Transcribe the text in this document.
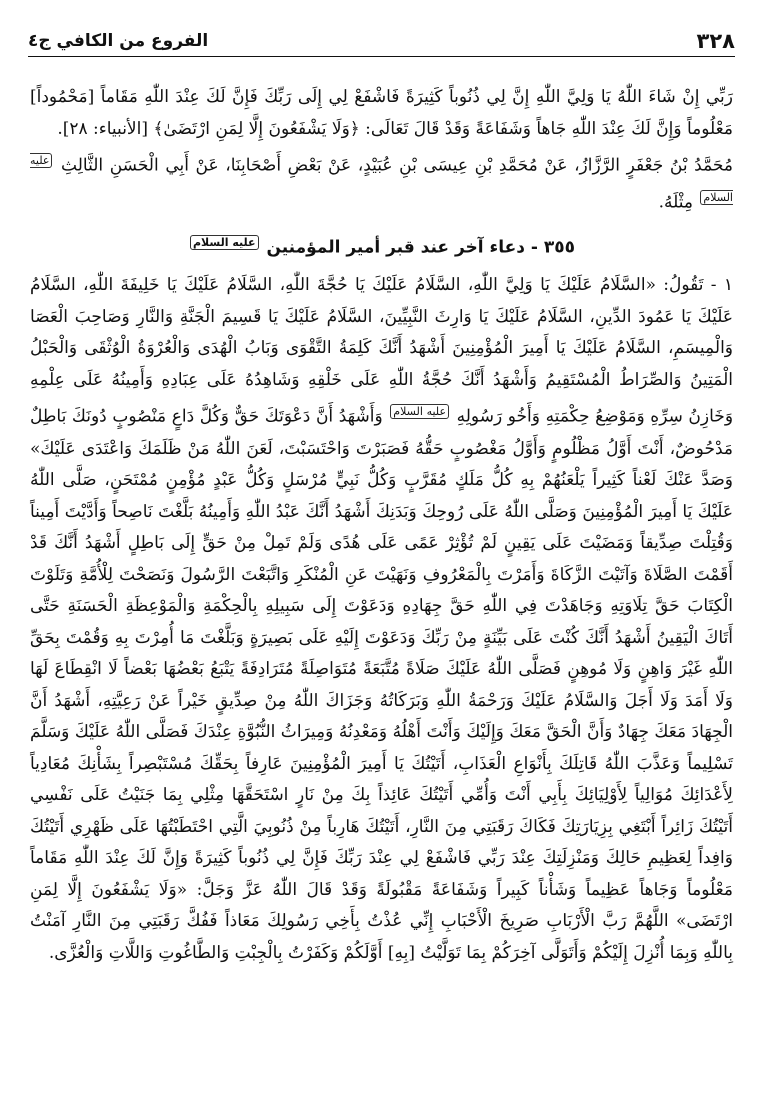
٣٢٨
الفروع من الكافي ج٤

رَبِّي إِنْ شَاءَ اللّٰهُ يَا وَلِيَّ اللّٰهِ إِنَّ لِي ذُنُوباً كَثِيرَةً فَاشْفَعْ لِي إِلَى رَبِّكَ فَإِنَّ لَكَ عِنْدَ اللّٰهِ مَقَاماً [مَحْمُوداً] مَعْلُوماً وَإِنَّ لَكَ عِنْدَ اللّٰهِ جَاهاً وَشَفَاعَةً وَقَدْ قَالَ تَعَالَى: ﴿وَلَا يَشْفَعُونَ إِلَّا لِمَنِ ارْتَضَىٰ﴾ [الأنبياء: ٢٨].

مُحَمَّدُ بْنُ جَعْفَرٍ الرَّزَّازُ، عَنْ مُحَمَّدِ بْنِ عِيسَى بْنِ عُبَيْدٍ، عَنْ بَعْضِ أَصْحَابِنَا، عَنْ أَبِي الْحَسَنِ الثَّالِثِ $^{عليه السلام}$ مِثْلَهُ.

٣٥٥ - دعاء آخر عند قبر أمير المؤمنين $^{عليه السلام}$

١ - تَقُولُ: «السَّلَامُ عَلَيْكَ يَا وَلِيَّ اللّٰهِ، السَّلَامُ عَلَيْكَ يَا حُجَّةَ اللّٰهِ، السَّلَامُ عَلَيْكَ يَا خَلِيفَةَ اللّٰهِ، السَّلَامُ عَلَيْكَ يَا عَمُودَ الدِّينِ، السَّلَامُ عَلَيْكَ يَا وَارِثَ النَّبِيِّينَ، السَّلَامُ عَلَيْكَ يَا قَسِيمَ الْجَنَّةِ وَالنَّارِ وَصَاحِبَ الْعَصَا وَالْمِيسَمِ، السَّلَامُ عَلَيْكَ يَا أَمِيرَ الْمُؤْمِنِينَ أَشْهَدُ أَنَّكَ كَلِمَةُ التَّقْوَى وَبَابُ الْهُدَى وَالْعُرْوَةُ الْوُثْقَى وَالْحَبْلُ الْمَتِينُ وَالصِّرَاطُ الْمُسْتَقِيمُ وَأَشْهَدُ أَنَّكَ حُجَّةُ اللّٰهِ عَلَى خَلْقِهِ وَشَاهِدُهُ عَلَى عِبَادِهِ وَأَمِينُهُ عَلَى عِلْمِهِ وَخَازِنُ سِرِّهِ وَمَوْضِعُ حِكْمَتِهِ وَأَخُو رَسُولِهِ $^{عليه السلام}$ وَأَشْهَدُ أَنَّ دَعْوَتَكَ حَقٌّ وَكُلَّ دَاعٍ مَنْصُوبٍ دُونَكَ بَاطِلٌ مَدْحُوضٌ، أَنْتَ أَوَّلُ مَظْلُومٍ وَأَوَّلُ مَغْصُوبٍ حَقُّهُ فَصَبَرْتَ وَاحْتَسَبْتَ، لَعَنَ اللّٰهُ مَنْ ظَلَمَكَ وَاعْتَدَى عَلَيْكَ» وَصَدَّ عَنْكَ لَعْناً كَثِيراً يَلْعَنُهُمْ بِهِ كُلُّ مَلَكٍ مُقَرَّبٍ وَكُلُّ نَبِيٍّ مُرْسَلٍ وَكُلُّ عَبْدٍ مُؤْمِنٍ مُمْتَحَنٍ، صَلَّى اللّٰهُ عَلَيْكَ يَا أَمِيرَ الْمُؤْمِنِينَ وَصَلَّى اللّٰهُ عَلَى رُوحِكَ وَبَدَنِكَ أَشْهَدُ أَنَّكَ عَبْدُ اللّٰهِ وَأَمِينُهُ بَلَّغْتَ نَاصِحاً وَأَدَّيْتَ أَمِيناً وَقُتِلْتَ صِدِّيقاً وَمَضَيْتَ عَلَى يَقِينٍ لَمْ تُؤْثِرْ عَمًى عَلَى هُدًى وَلَمْ تَمِلْ مِنْ حَقٍّ إِلَى بَاطِلٍ أَشْهَدُ أَنَّكَ قَدْ أَقَمْتَ الصَّلَاةَ وَآتَيْتَ الزَّكَاةَ وَأَمَرْتَ بِالْمَعْرُوفِ وَنَهَيْتَ عَنِ الْمُنْكَرِ وَاتَّبَعْتَ الرَّسُولَ وَنَصَحْتَ لِلْأُمَّةِ وَتَلَوْتَ الْكِتَابَ حَقَّ تِلَاوَتِهِ وَجَاهَدْتَ فِي اللّٰهِ حَقَّ جِهَادِهِ وَدَعَوْتَ إِلَى سَبِيلِهِ بِالْحِكْمَةِ وَالْمَوْعِظَةِ الْحَسَنَةِ حَتَّى أَتَاكَ الْيَقِينُ أَشْهَدُ أَنَّكَ كُنْتَ عَلَى بَيِّنَةٍ مِنْ رَبِّكَ وَدَعَوْتَ إِلَيْهِ عَلَى بَصِيرَةٍ وَبَلَّغْتَ مَا أُمِرْتَ بِهِ وَقُمْتَ بِحَقِّ اللّٰهِ غَيْرَ وَاهِنٍ وَلَا مُوهِنٍ فَصَلَّى اللّٰهُ عَلَيْكَ صَلَاةً مُتَّبَعَةً مُتَوَاصِلَةً مُتَرَادِفَةً يَتْبَعُ بَعْضُهَا بَعْضاً لَا انْقِطَاعَ لَهَا وَلَا أَمَدَ وَلَا أَجَلَ وَالسَّلَامُ عَلَيْكَ وَرَحْمَةُ اللّٰهِ وَبَرَكَاتُهُ وَجَزَاكَ اللّٰهُ مِنْ صِدِّيقٍ خَيْراً عَنْ رَعِيَّتِهِ، أَشْهَدُ أَنَّ الْجِهَادَ مَعَكَ جِهَادٌ وَأَنَّ الْحَقَّ مَعَكَ وَإِلَيْكَ وَأَنْتَ أَهْلُهُ وَمَعْدِنُهُ وَمِيرَاثُ النُّبُوَّةِ عِنْدَكَ فَصَلَّى اللّٰهُ عَلَيْكَ وَسَلَّمَ تَسْلِيماً وَعَذَّبَ اللّٰهُ قَاتِلَكَ بِأَنْوَاعِ الْعَذَابِ، أَتَيْتُكَ يَا أَمِيرَ الْمُؤْمِنِينَ عَارِفاً بِحَقِّكَ مُسْتَبْصِراً بِشَأْنِكَ مُعَادِياً لِأَعْدَائِكَ مُوَالِياً لِأَوْلِيَائِكَ بِأَبِي أَنْتَ وَأُمِّي أَتَيْتُكَ عَائِذاً بِكَ مِنْ نَارٍ اسْتَحَقَّهَا مِثْلِي بِمَا جَنَيْتُ عَلَى نَفْسِي أَتَيْتُكَ زَائِراً أَبْتَغِي بِزِيَارَتِكَ فَكَاكَ رَقَبَتِي مِنَ النَّارِ، أَتَيْتُكَ هَارِباً مِنْ ذُنُوبِيَ الَّتِي احْتَطَبْتُهَا عَلَى ظَهْرِي أَتَيْتُكَ وَافِداً لِعَظِيمِ حَالِكَ وَمَنْزِلَتِكَ عِنْدَ رَبِّي فَاشْفَعْ لِي عِنْدَ رَبِّكَ فَإِنَّ لِي ذُنُوباً كَثِيرَةً وَإِنَّ لَكَ عِنْدَ اللّٰهِ مَقَاماً مَعْلُوماً وَجَاهاً عَظِيماً وَشَأْناً كَبِيراً وَشَفَاعَةً مَقْبُولَةً وَقَدْ قَالَ اللّٰهُ عَزَّ وَجَلَّ: «وَلَا يَشْفَعُونَ إِلَّا لِمَنِ ارْتَضَى» اللَّهُمَّ رَبَّ الْأَرْبَابِ صَرِيخَ الْأَحْبَابِ إِنِّي عُذْتُ بِأَخِي رَسُولِكَ مَعَاذاً فَفُكَّ رَقَبَتِي مِنَ النَّارِ آمَنْتُ بِاللّٰهِ وَبِمَا أُنْزِلَ إِلَيْكُمْ وَأَتَوَلَّى آخِرَكُمْ بِمَا تَوَلَّيْتُ [بِهِ] أَوَّلَكُمْ وَكَفَرْتُ بِالْجِبْتِ وَالطَّاغُوتِ وَاللَّاتِ وَالْعُزَّى.
